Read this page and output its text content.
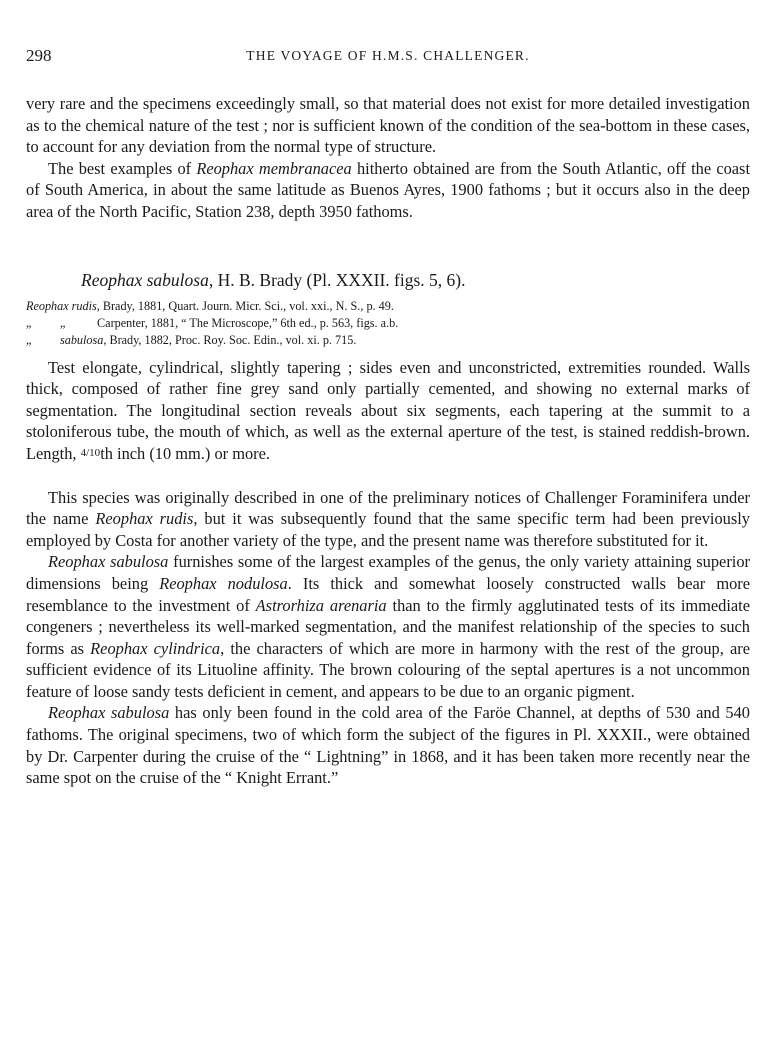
298	THE VOYAGE OF H.M.S. CHALLENGER.

very rare and the specimens exceedingly small, so that material does not exist for more detailed investigation as to the chemical nature of the test ; nor is sufficient known of the condition of the sea-bottom in these cases, to account for any deviation from the normal type of structure.

The best examples of Reophax membranacea hitherto obtained are from the South Atlantic, off the coast of South America, in about the same latitude as Buenos Ayres, 1900 fathoms ; but it occurs also in the deep area of the North Pacific, Station 238, depth 3950 fathoms.

Reophax sabulosa, H. B. Brady (Pl. XXXII. figs. 5, 6).

Reophax rudis, Brady, 1881, Quart. Journ. Micr. Sci., vol. xxi., N. S., p. 49.
„ „ Carpenter, 1881, “ The Microscope,” 6th ed., p. 563, figs. a.b.
„ sabulosa, Brady, 1882, Proc. Roy. Soc. Edin., vol. xi. p. 715.

Test elongate, cylindrical, slightly tapering ; sides even and unconstricted, extremities rounded. Walls thick, composed of rather fine grey sand only partially cemented, and showing no external marks of segmentation. The longitudinal section reveals about six segments, each tapering at the summit to a stoloniferous tube, the mouth of which, as well as the external aperture of the test, is stained reddish-brown. Length, 4/10th inch (10 mm.) or more.

This species was originally described in one of the preliminary notices of Challenger Foraminifera under the name Reophax rudis, but it was subsequently found that the same specific term had been previously employed by Costa for another variety of the type, and the present name was therefore substituted for it.

Reophax sabulosa furnishes some of the largest examples of the genus, the only variety attaining superior dimensions being Reophax nodulosa. Its thick and somewhat loosely constructed walls bear more resemblance to the investment of Astrorhiza arenaria than to the firmly agglutinated tests of its immediate congeners ; nevertheless its well-marked segmentation, and the manifest relationship of the species to such forms as Reophax cylindrica, the characters of which are more in harmony with the rest of the group, are sufficient evidence of its Lituoline affinity. The brown colouring of the septal apertures is a not uncommon feature of loose sandy tests deficient in cement, and appears to be due to an organic pigment.

Reophax sabulosa has only been found in the cold area of the Faröe Channel, at depths of 530 and 540 fathoms. The original specimens, two of which form the subject of the figures in Pl. XXXII., were obtained by Dr. Carpenter during the cruise of the “ Lightning” in 1868, and it has been taken more recently near the same spot on the cruise of the “ Knight Errant.”
